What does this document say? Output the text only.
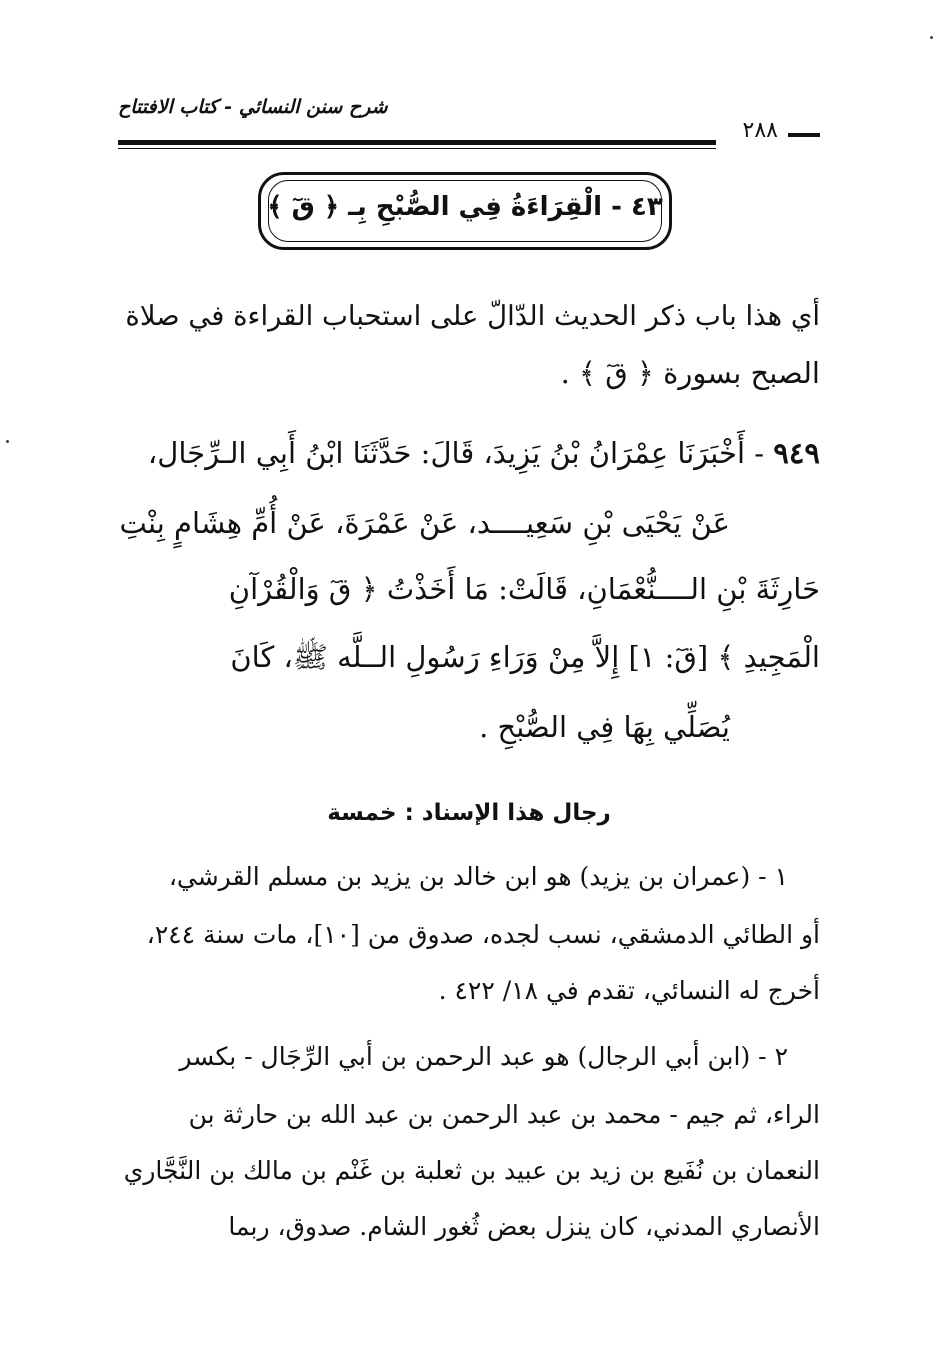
شرح سنن النسائي - كتاب الافتتاح
٢٨٨
٤٣ - الْقِرَاءَةُ فِي الصُّبْحِ بِـ ﴿ قٓ ﴾
أي هذا باب ذكر الحديث الدّالّ على استحباب القراءة في صلاة
الصبح بسورة ﴿ قٓ ﴾ .
٩٤٩ - أَخْبَرَنَا عِمْرَانُ بْنُ يَزِيدَ، قَالَ: حَدَّثَنَا ابْنُ أَبِي الـرِّجَال،
عَنْ يَحْيَى بْنِ سَعِيــــد، عَنْ عَمْرَةَ، عَنْ أُمِّ هِشَامٍ بِنْتِ
حَارِثَةَ بْنِ الــــنُّعْمَانِ، قَالَتْ: مَا أَخَذْتُ ﴿ قٓ وَالْقُرْآنِ
الْمَجِيدِ ﴾ [قٓ: ١] إِلاَّ مِنْ وَرَاءِ رَسُولِ الــلَّه ﷺ، كَانَ
يُصَلِّي بِهَا فِي الصُّبْحِ .
رجال هذا الإسناد : خمسة
١ - (عمران بن يزيد) هو ابن خالد بن يزيد بن مسلم القرشي،
أو الطائي الدمشقي، نسب لجده، صدوق من [١٠]، مات سنة ٢٤٤،
أخرج له النسائي، تقدم في ١٨/ ٤٢٢ .
٢ - (ابن أبي الرجال) هو عبد الرحمن بن أبي الرِّجَال - بكسر
الراء، ثم جيم - محمد بن عبد الرحمن بن عبد الله بن حارثة بن
النعمان بن نُفَيع بن زيد بن عبيد بن ثعلبة بن غَنْم بن مالك بن النَّجَّاري
الأنصاري المدني، كان ينزل بعض ثُغور الشام. صدوق، ربما
